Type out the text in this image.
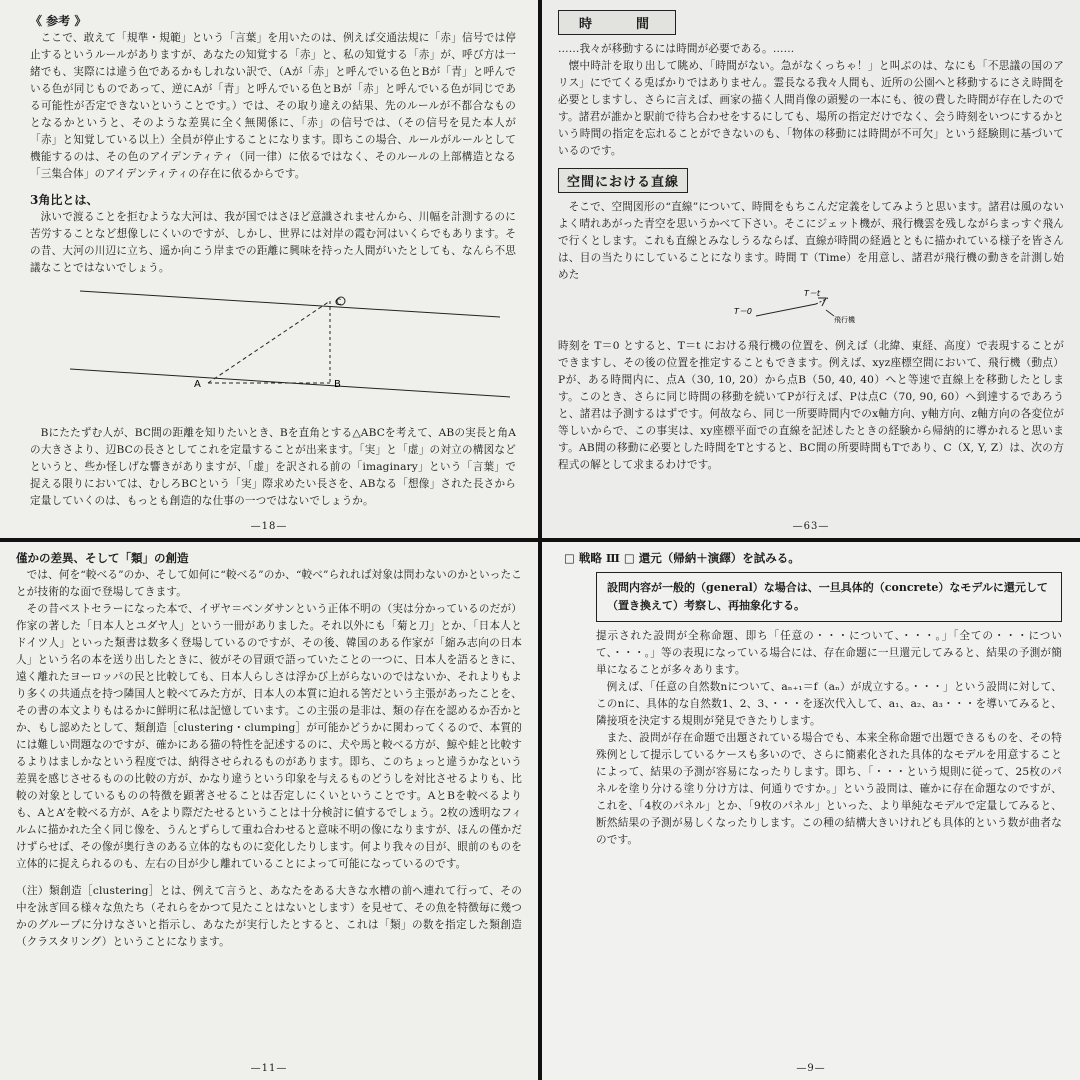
《 参考 》

ここで、敢えて「規準・規範」という「言葉」を用いたのは、例えば交通法規に「赤」信号では停止するというルールがありますが、あなたの知覚する「赤」と、私の知覚する「赤」が、呼び方は一緒でも、実際には違う色であるかもしれない訳で、（Aが「赤」と呼んでいる色とBが「青」と呼んでいる色が同じものであって、逆にAが「青」と呼んでいる色とBが「赤」と呼んでいる色が同じである可能性が否定できないということです。）では、その取り違えの結果、先のルールが不都合なものとなるかというと、そのような差異に全く無関係に、「赤」の信号では、（その信号を見た本人が「赤」と知覚している以上）全員が停止することになります。即ちこの場合、ルールがルールとして機能するのは、その色のアイデンティティ（同一律）に依るではなく、そのルールの上部構造となる「三集合体」のアイデンティティの存在に依るからです。

3角比とは、

泳いで渡ることを拒むような大河は、我が国ではさほど意識されませんから、川幅を計測するのに苦労することなど想像しにくいのですが、しかし、世界には対岸の霞む河はいくらでもあります。その昔、大河の川辺に立ち、遥か向こう岸までの距離に興味を持った人間がいたとしても、なんら不思議なことではないでしょう。

A	B
C

Bにたたずむ人が、BC間の距離を知りたいとき、Bを直角とする△ABCを考えて、ABの実長と角Aの大きさより、辺BCの長さとしてこれを定量することが出来ます。「実」と「虚」の対立の構図などというと、些か怪しげな響きがありますが、「虚」を訳される前の「imaginary」という「言葉」で捉える限りにおいては、むしろBCという「実」際求めたい長さを、ABなる「想像」された長さから定量していくのは、もっとも創造的な仕事の一つではないでしょうか。

—18—
時　　間

……我々が移動するには時間が必要である。……

懐中時計を取り出して眺め、「時間がない。急がなくっちゃ！」と叫ぶのは、なにも「不思議の国のアリス」にでてくる兎ばかりではありません。霊長なる我々人間も、近所の公園へと移動するにさえ時間を必要としますし、さらに言えば、画家の描く人間肖像の頭髪の一本にも、彼の費した時間が存在したのです。諸君が誰かと駅前で待ち合わせをするにしても、場所の指定だけでなく、会う時刻をいつにするかという時間の指定を忘れることができないのも、「物体の移動には時間が不可欠」という経験則に基づいているのです。

空間における直線

そこで、空間図形の“直線”について、時間をもちこんだ定義をしてみようと思います。諸君は風のないよく晴れあがった青空を思いうかべて下さい。そこにジェット機が、飛行機雲を残しながらまっすぐ飛んで行くとします。これも直線とみなしうるならば、直線が時間の経過とともに描かれている様子を皆さんは、目の当たりにしていることになります。時間 T（Time）を用意し、諸君が飛行機の動きを計測し始めた

T＝0
T＝t
飛行機

時刻を T＝0 とすると、T＝t における飛行機の位置を、例えば（北緯、東経、高度）で表現することができますし、その後の位置を推定することもできます。例えば、xyz座標空間において、飛行機（動点）Pが、ある時間内に、点A（30, 10, 20）から点B（50, 40, 40）へと等速で直線上を移動したとします。このとき、さらに同じ時間の移動を続いてPが行えば、Pは点C（70, 90, 60）へ到達するであろうと、諸君は予測するはずです。何故なら、同じ一所要時間内でのx軸方向、y軸方向、z軸方向の各変位が等しいからで、この事実は、xy座標平面での直線を記述したときの経験から帰納的に導かれると思います。AB間の移動に必要とした時間をTとすると、BC間の所要時間もTであり、C（X, Y, Z）は、次の方程式の解として求まるわけです。

—63—

僅かの差異、そして「類」の創造

では、何を“較べる”のか、そして如何に“較べる”のか、“較べ”られれば対象は問わないのかといったことが技術的な面で登場してきます。

その昔ベストセラーになった本で、イザヤ＝ベンダサンという正体不明の（実は分かっているのだが）作家の著した「日本人とユダヤ人」という一冊がありました。それ以外にも「菊と刀」とか、「日本人とドイツ人」といった類書は数多く登場しているのですが、その後、韓国のある作家が「縮み志向の日本人」という名の本を送り出したときに、彼がその冒頭で語っていたことの一つに、日本人を語るときに、遠く離れたヨーロッパの民と比較しても、日本人らしさは浮かび上がらないのではないか、それよりもより多くの共通点を持つ隣国人と較べてみた方が、日本人の本質に迫れる筈だという主張があったことを、その書の本文よりもはるかに鮮明に私は記憶しています。この主張の是非は、類の存在を認めるか否かとか、もし認めたとして、類創造［clustering・clumping］が可能かどうかに関わってくるので、本質的には難しい問題なのですが、確かにある猫の特性を記述するのに、犬や馬と較べる方が、鯨や蛙と比較するよりはましかなという程度では、納得させられるものがあります。即ち、このちょっと違うかなという差異を感じさせるものの比較の方が、かなり違うという印象を与えるものどうしを対比させるよりも、比較の対象としているものの特徴を顕著させることは否定しにくいということです。AとBを較べるよりも、AとA’を較べる方が、Aをより際だたせるということは十分検討に値するでしょう。2枚の透明なフィルムに描かれた全く同じ像を、うんとずらして重ね合わせると意味不明の像になりますが、ほんの僅かだけずらせば、その像が奥行きのある立体的なものに変化したりします。何より我々の目が、眼前のものを立体的に捉えられるのも、左右の目が少し離れていることによって可能になっているのです。

（注）類創造［clustering］とは、例えて言うと、あなたをある大きな水槽の前へ連れて行って、その中を泳ぎ回る様々な魚たち（それらをかつて見たことはないとします）を見せて、その魚を特徴毎に幾つかのグループに分けなさいと指示し、あなたが実行したとすると、これは「類」の数を指定した類創造（クラスタリング）ということになります。

—11—

□ 戦略 Ⅲ □ 還元（帰納＋演繹）を試みる。

設問内容が一般的（general）な場合は、一旦具体的（concrete）なモデルに還元して（置き換えて）考察し、再抽象化する。

提示された設問が全称命題、即ち「任意の・・・について、・・・。」「全ての・・・について、・・・。」等の表現になっている場合には、存在命題に一旦還元してみると、結果の予測が簡単になることが多々あります。

例えば、「任意の自然数nについて、aₙ₊₁＝f（aₙ）が成立する。・・・」という設問に対して、このnに、具体的な自然数1、2、3、・・・を逐次代入して、a₁、a₂、a₃・・・を導いてみると、隣接項を決定する規則が発見できたりします。

また、設問が存在命題で出題されている場合でも、本来全称命題で出題できるものを、その特殊例として提示しているケースも多いので、さらに簡素化された具体的なモデルを用意することによって、結果の予測が容易になったりします。即ち、「・・・という規則に従って、25枚のパネルを塗り分ける塗り分け方は、何通りですか。」という設問は、確かに存在命題なのですが、これを、「4枚のパネル」とか、「9枚のパネル」といった、より単純なモデルで定量してみると、断然結果の予測が易しくなったりします。この種の結構大きいけれども具体的という数が曲者なのです。

—9—
